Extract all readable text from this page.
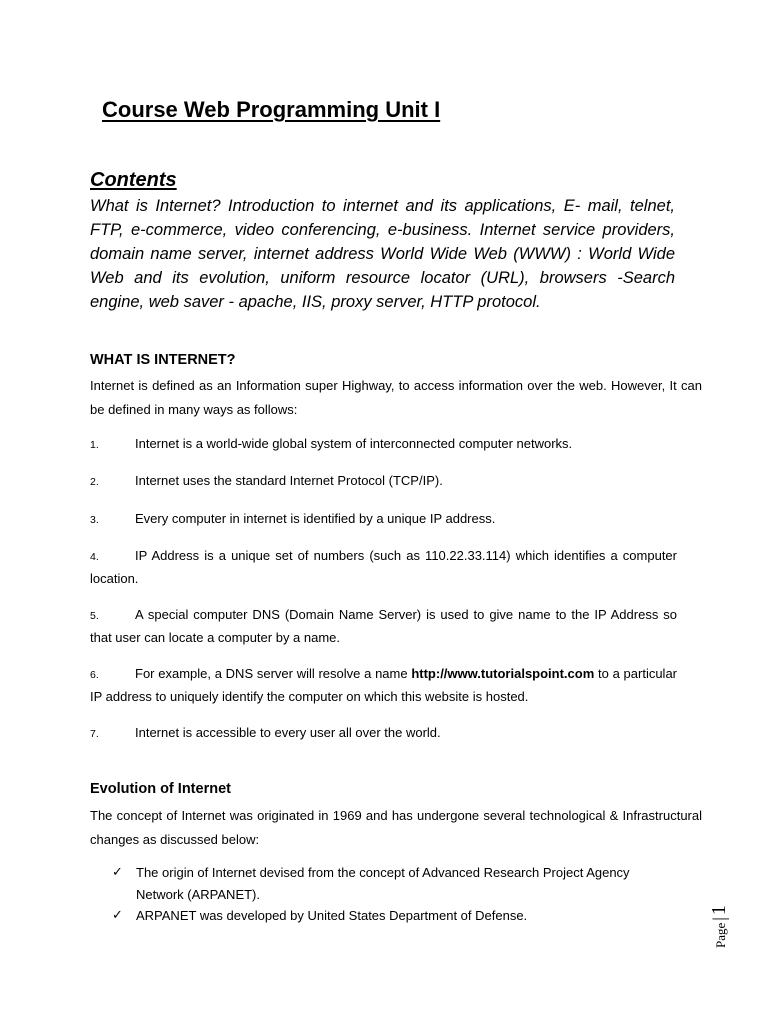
Course Web Programming Unit I
Contents

What is Internet? Introduction to internet and its applications, E- mail, telnet, FTP, e-commerce, video conferencing, e-business. Internet service providers, domain name server, internet address World Wide Web (WWW) : World Wide Web and its evolution, uniform resource locator (URL), browsers -Search engine, web saver - apache, IIS, proxy server, HTTP protocol.

WHAT IS INTERNET?

Internet is defined as an Information super Highway, to access information over the web. However, It can be defined in many ways as follows:

1.	Internet is a world-wide global system of interconnected computer networks.

2.	Internet uses the standard Internet Protocol (TCP/IP).

3.	Every computer in internet is identified by a unique IP address.

4.	IP Address is a unique set of numbers (such as 110.22.33.114) which identifies a computer location.

5.	A special computer DNS (Domain Name Server) is used to give name to the IP Address so that user can locate a computer by a name.

6.	For example, a DNS server will resolve a name http://www.tutorialspoint.com to a particular IP address to uniquely identify the computer on which this website is hosted.

7.	Internet is accessible to every user all over the world.

Evolution of Internet

The concept of Internet was originated in 1969 and has undergone several technological & Infrastructural changes as discussed below:

✓	The origin of Internet devised from the concept of Advanced Research Project Agency Network (ARPANET).
✓	ARPANET was developed by United States Department of Defense.
Page|1
